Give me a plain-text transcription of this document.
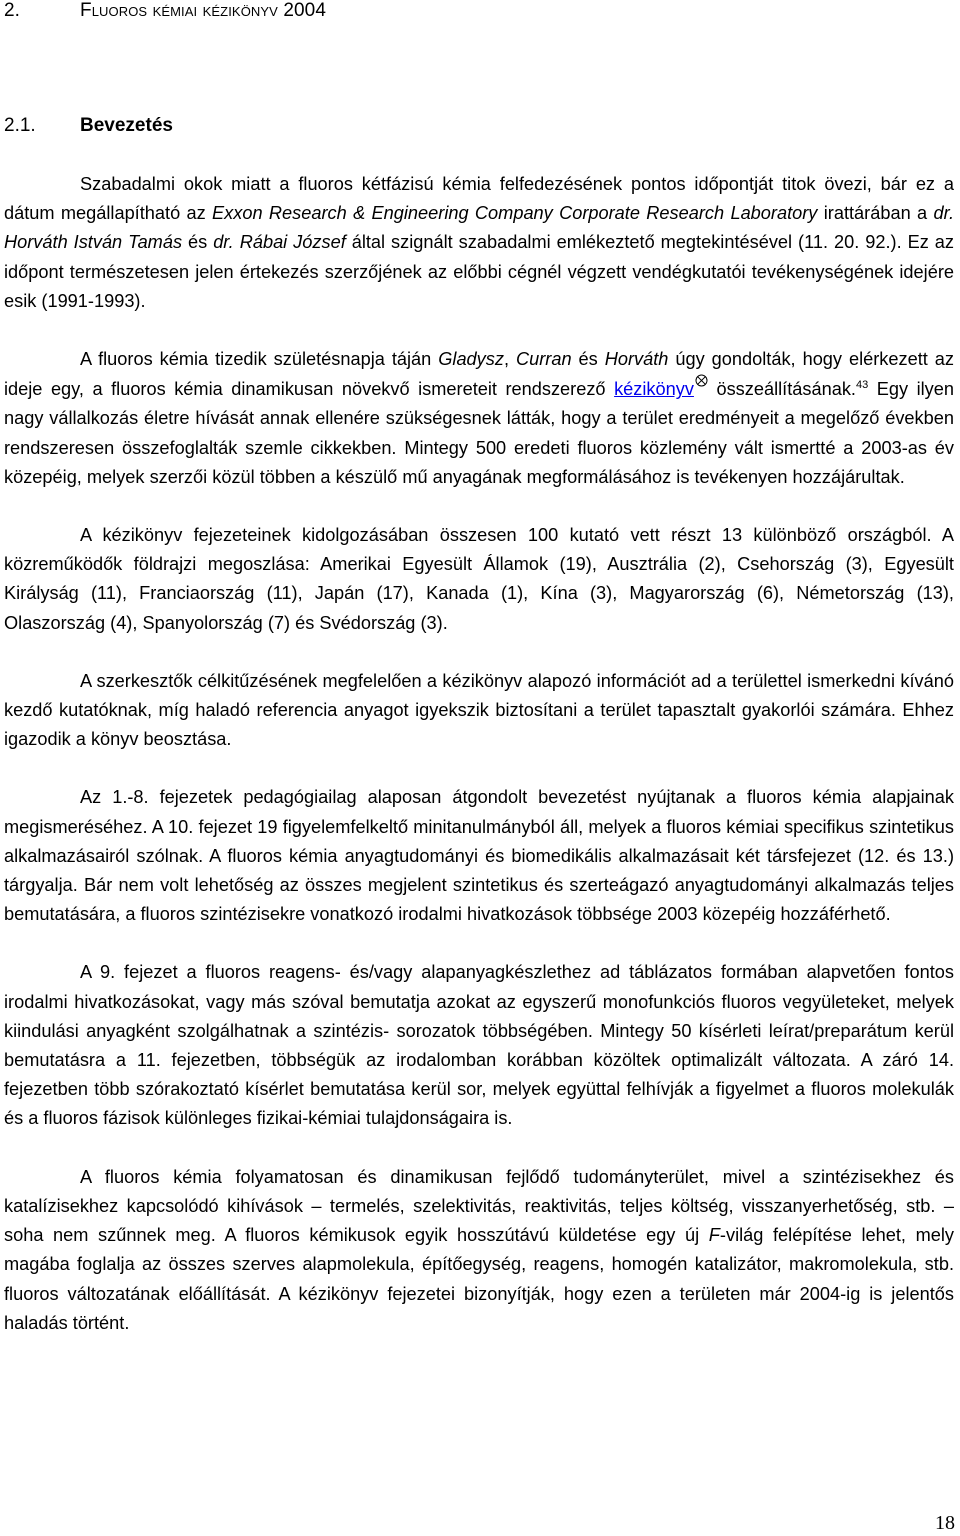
2.	Fluoros kémiai kézikönyv 2004
2.1. Bevezetés

Szabadalmi okok miatt a fluoros kétfázisú kémia felfedezésének pontos időpontját titok övezi, bár ez a dátum megállapítható az Exxon Research & Engineering Company Corporate Research Laboratory irattárában a dr. Horváth István Tamás és dr. Rábai József által szignált szabadalmi emlékeztető megtekintésével (11. 20. 92.). Ez az időpont természetesen jelen értekezés szerzőjének az előbbi cégnél végzett vendégkutatói tevékenységének idejére esik (1991-1993).

A fluoros kémia tizedik születésnapja táján Gladysz, Curran és Horváth úgy gondolták, hogy elérkezett az ideje egy, a fluoros kémia dinamikusan növekvő ismereteit rendszerező kézikönyv összeállításának.$^{43}$ Egy ilyen nagy vállalkozás életre hívását annak ellenére szükségesnek látták, hogy a terület eredményeit a megelőző években rendszeresen összefoglalták szemle cikkekben. Mintegy 500 eredeti fluoros közlemény vált ismertté a 2003-as év közepéig, melyek szerzői közül többen a készülő mű anyagának megformálásához is tevékenyen hozzájárultak.

A kézikönyv fejezeteinek kidolgozásában összesen 100 kutató vett részt 13 különböző országból. A közreműködők földrajzi megoszlása: Amerikai Egyesült Államok (19), Ausztrália (2), Csehország (3), Egyesült Királyság (11), Franciaország (11), Japán (17), Kanada (1), Kína (3), Magyarország (6), Németország (13), Olaszország (4), Spanyolország (7) és Svédország (3).

A szerkesztők célkitűzésének megfelelően a kézikönyv alapozó információt ad a területtel ismerkedni kívánó kezdő kutatóknak, míg haladó referencia anyagot igyekszik biztosítani a terület tapasztalt gyakorlói számára. Ehhez igazodik a könyv beosztása.

Az 1.-8. fejezetek pedagógiailag alaposan átgondolt bevezetést nyújtanak a fluoros kémia alapjainak megismeréséhez. A 10. fejezet 19 figyelemfelkeltő minitanulmányból áll, melyek a fluoros kémiai specifikus szintetikus alkalmazásairól szólnak. A fluoros kémia anyagtudományi és biomedikális alkalmazásait két társfejezet (12. és 13.) tárgyalja. Bár nem volt lehetőség az összes megjelent szintetikus és szerteágazó anyagtudományi alkalmazás teljes bemutatására, a fluoros szintézisekre vonatkozó irodalmi hivatkozások többsége 2003 közepéig hozzáférhető.

A 9. fejezet a fluoros reagens- és/vagy alapanyagkészlethez ad táblázatos formában alapvetően fontos irodalmi hivatkozásokat, vagy más szóval bemutatja azokat az egyszerű monofunkciós fluoros vegyületeket, melyek kiindulási anyagként szolgálhatnak a szintézis- sorozatok többségében. Mintegy 50 kísérleti leírat/preparátum kerül bemutatásra a 11. fejezetben, többségük az irodalomban korábban közöltek optimalizált változata. A záró 14. fejezetben több szórakoztató kísérlet bemutatása kerül sor, melyek együttal felhívják a figyelmet a fluoros molekulák és a fluoros fázisok különleges fizikai-kémiai tulajdonságaira is.

A fluoros kémia folyamatosan és dinamikusan fejlődő tudományterület, mivel a szintézisekhez és katalízisekhez kapcsolódó kihívások – termelés, szelektivitás, reaktivitás, teljes költség, visszanyerhetőség, stb. – soha nem szűnnek meg. A fluoros kémikusok egyik hosszútávú küldetése egy új F-világ felépítése lehet, mely magába foglalja az összes szerves alapmolekula, építőegység, reagens, homogén katalizátor, makromolekula, stb. fluoros változatának előállítását. A kézikönyv fejezetei bizonyítják, hogy ezen a területen már 2004-ig is jelentős haladás történt.

18
